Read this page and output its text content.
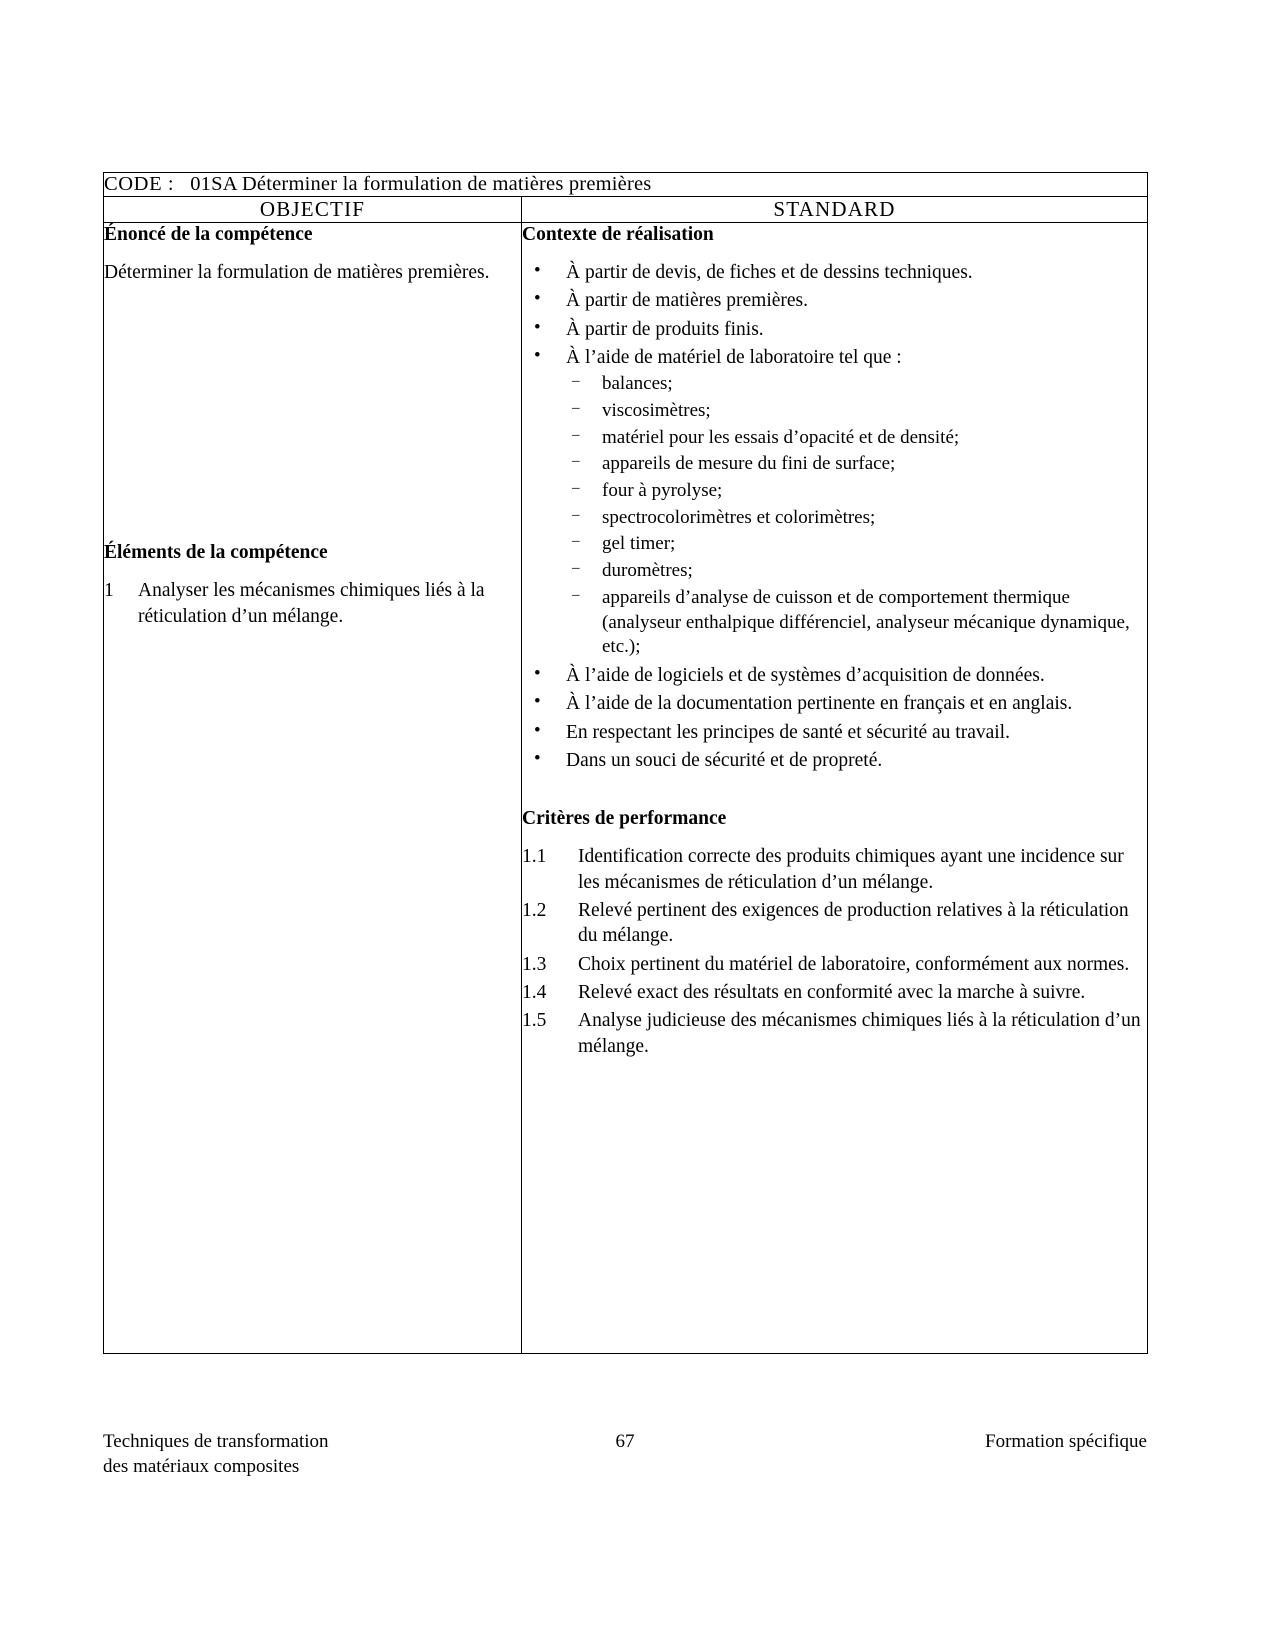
CODE : 01SA Déterminer la formulation de matières premières	
OBJECTIF	STANDARD

Énoncé de la compétence

Déterminer la formulation de matières premières.

Éléments de la compétence

1	Analyser les mécanismes chimiques liés à la réticulation d’un mélange.

Contexte de réalisation

• À partir de devis, de fiches et de dessins techniques.
• À partir de matières premières.
• À partir de produits finis.
• À l’aide de matériel de laboratoire tel que :
– balances;
– viscosimètres;
– matériel pour les essais d’opacité et de densité;
– appareils de mesure du fini de surface;
– four à pyrolyse;
– spectrocolorimètres et colorimètres;
– gel timer;
– duromètres;
– appareils d’analyse de cuisson et de comportement thermique (analyseur enthalpique différenciel, analyseur mécanique dynamique, etc.);
• À l’aide de logiciels et de systèmes d’acquisition de données.
• À l’aide de la documentation pertinente en français et en anglais.
• En respectant les principes de santé et sécurité au travail.
• Dans un souci de sécurité et de propreté.

Critères de performance

1.1	Identification correcte des produits chimiques ayant une incidence sur les mécanismes de réticulation d’un mélange.
1.2	Relevé pertinent des exigences de production relatives à la réticulation du mélange.
1.3	Choix pertinent du matériel de laboratoire, conformément aux normes.
1.4	Relevé exact des résultats en conformité avec la marche à suivre.
1.5	Analyse judicieuse des mécanismes chimiques liés à la réticulation d’un mélange.
Techniques de transformation
des matériaux composites
67	Formation spécifique
